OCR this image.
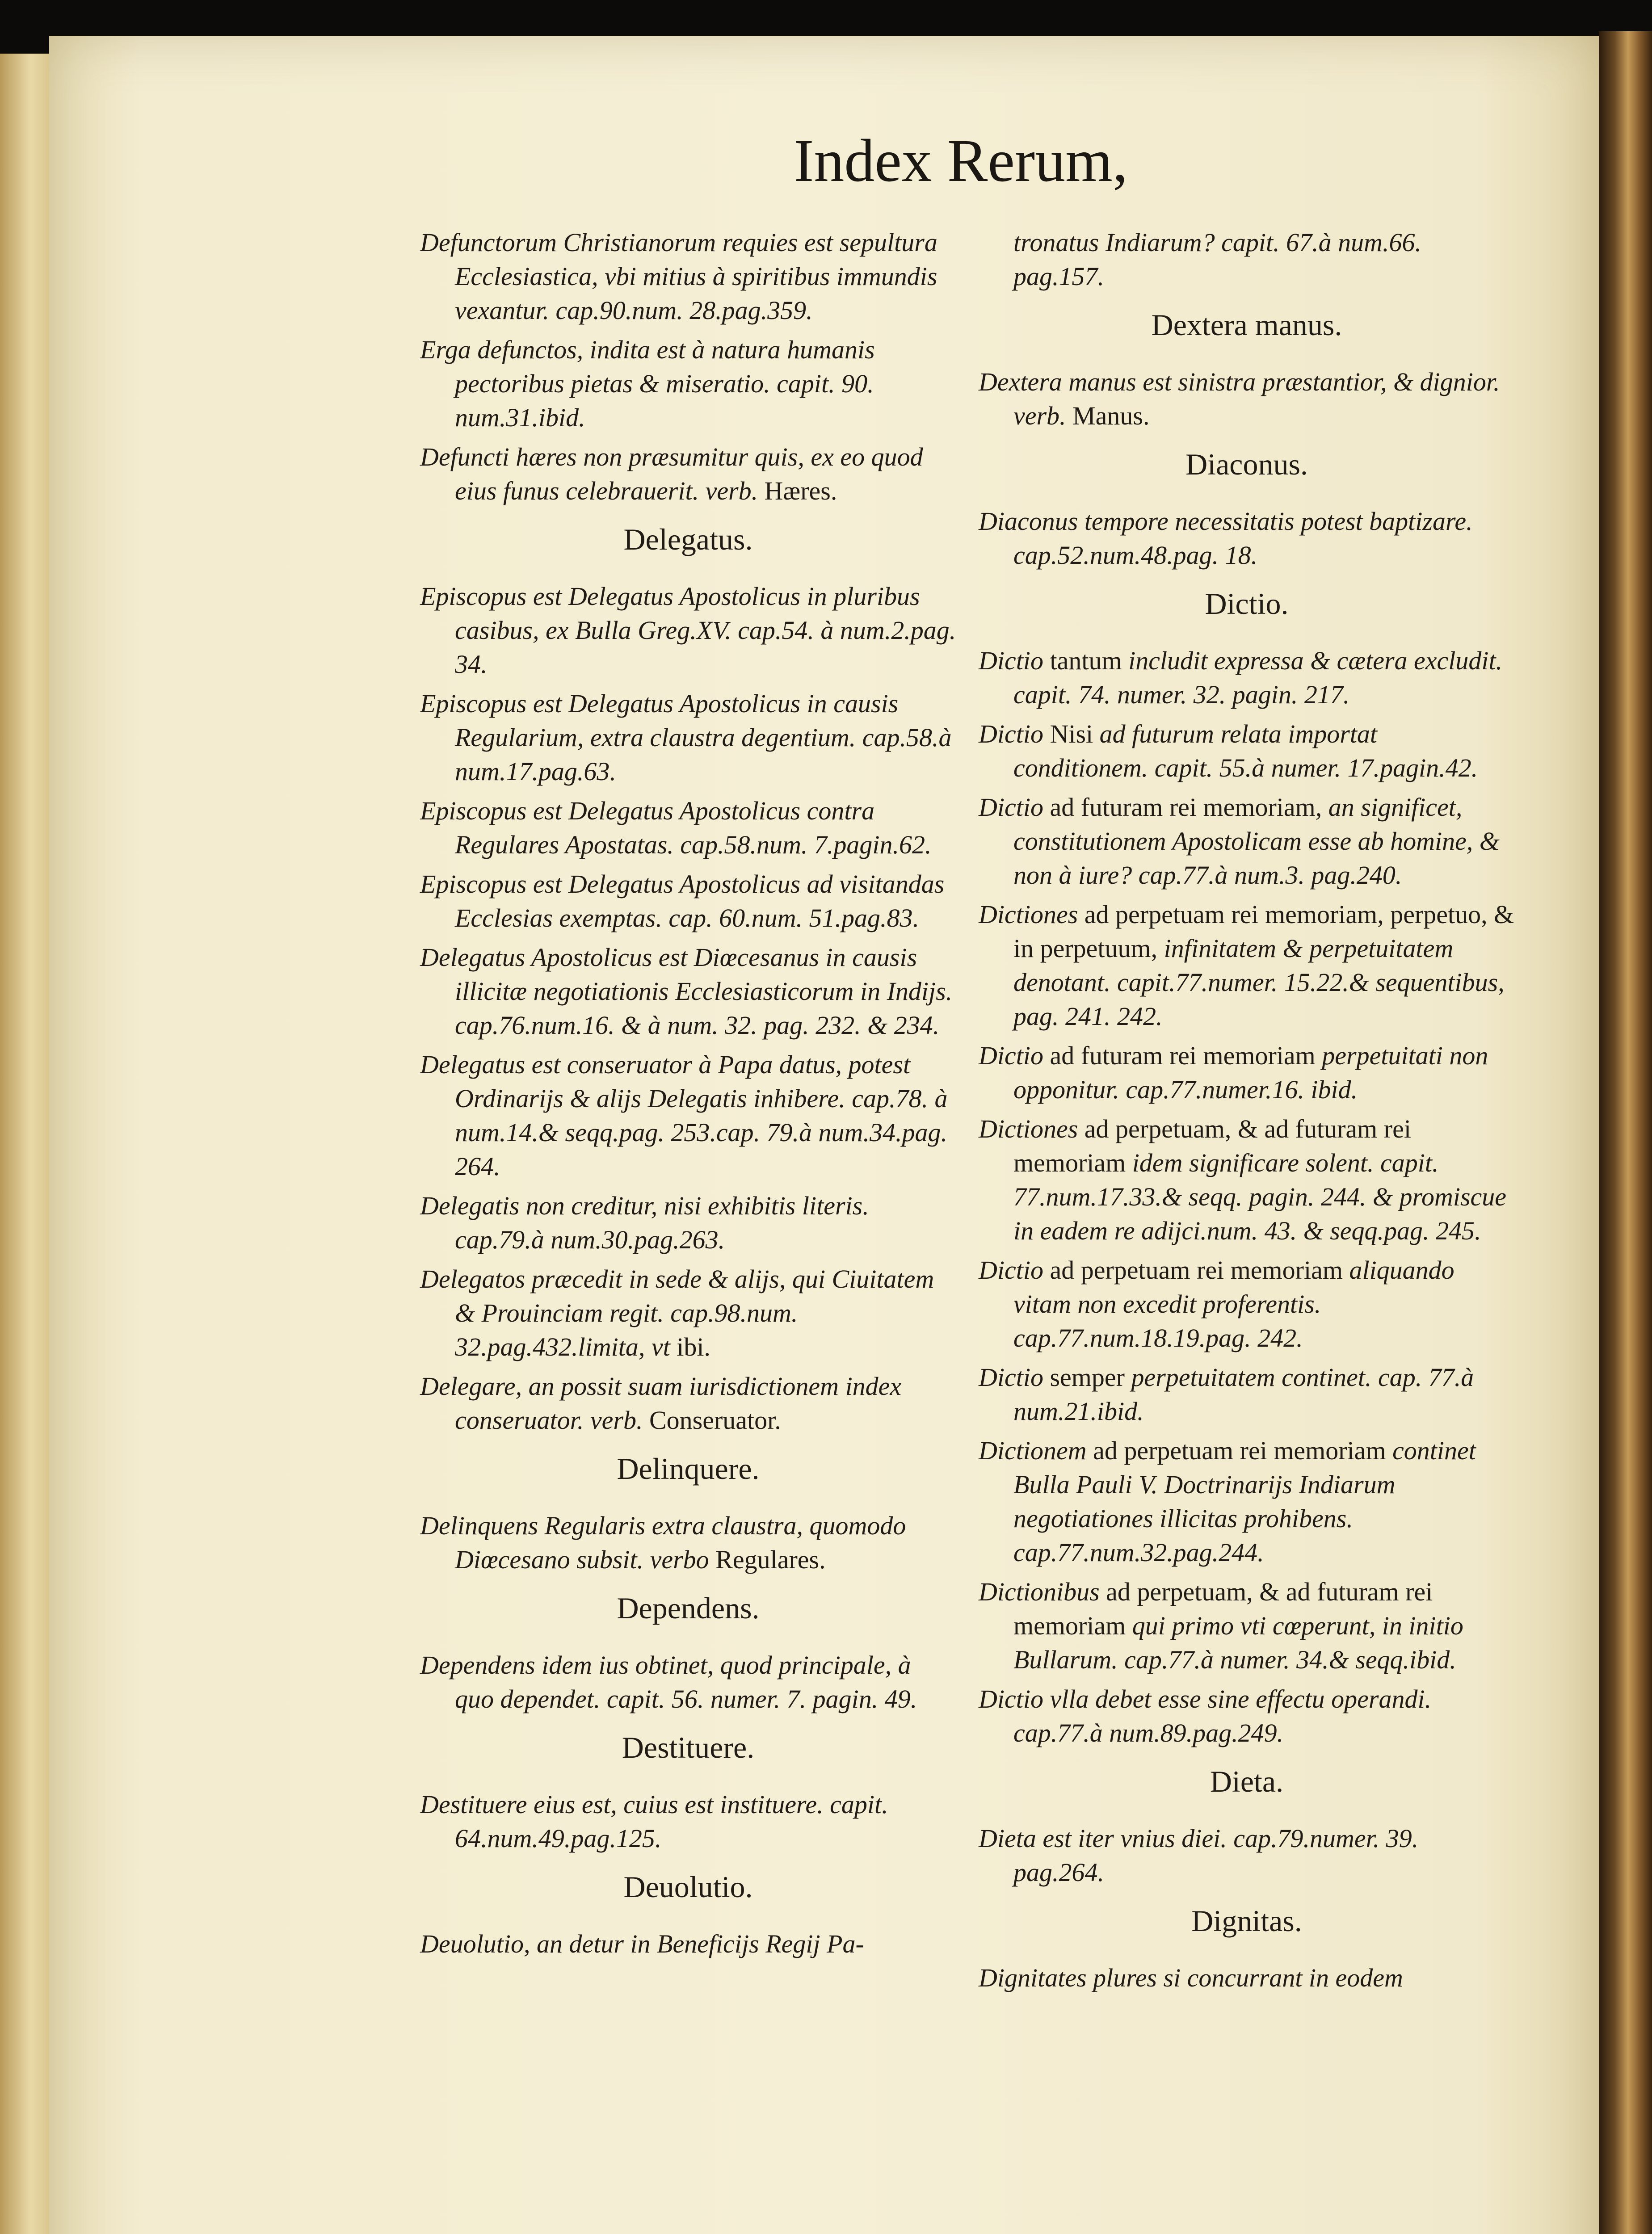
Index Rerum,
Defunctorum Christianorum requies est sepultura Ecclesiastica, vbi mitius à spiritibus immundis vexantur. cap.90.num. 28.pag.359.
Erga defunctos, indita est à natura humanis pectoribus pietas & miseratio. capit. 90. num.31.ibid.
Defuncti hæres non præsumitur quis, ex eo quod eius funus celebrauerit. verb. Hæres.
Delegatus.
Episcopus est Delegatus Apostolicus in pluribus casibus, ex Bulla Greg.XV. cap.54. à num.2.pag. 34.
Episcopus est Delegatus Apostolicus in causis Regularium, extra claustra degentium. cap.58.à num.17.pag.63.
Episcopus est Delegatus Apostolicus contra Regulares Apostatas. cap.58.num. 7.pagin.62.
Episcopus est Delegatus Apostolicus ad visitandas Ecclesias exemptas. cap. 60.num. 51.pag.83.
Delegatus Apostolicus est Diœcesanus in causis illicitæ negotiationis Ecclesiasticorum in Indijs. cap.76.num.16. & à num. 32. pag. 232. & 234.
Delegatus est conseruator à Papa datus, potest Ordinarijs & alijs Delegatis inhibere. cap.78. à num.14.& seqq.pag. 253.cap. 79.à num.34.pag. 264.
Delegatis non creditur, nisi exhibitis literis. cap.79.à num.30.pag.263.
Delegatos præcedit in sede & alijs, qui Ciuitatem & Prouinciam regit. cap.98.num. 32.pag.432.limita, vt ibi.
Delegare, an possit suam iurisdictionem index conseruator. verb. Conseruator.
Delinquere.
Delinquens Regularis extra claustra, quomodo Diœcesano subsit. verbo Regulares.
Dependens.
Dependens idem ius obtinet, quod principale, à quo dependet. capit. 56. numer. 7. pagin. 49.
Destituere.
Destituere eius est, cuius est instituere. capit. 64.num.49.pag.125.
Deuolutio.
Deuolutio, an detur in Beneficijs Regij Pa-
tronatus Indiarum? capit. 67.à num.66. pag.157.
Dextera manus.
Dextera manus est sinistra præstantior, & dignior. verb. Manus.
Diaconus.
Diaconus tempore necessitatis potest baptizare. cap.52.num.48.pag. 18.
Dictio.
Dictio tantum includit expressa & cætera excludit. capit. 74. numer. 32. pagin. 217.
Dictio Nisi ad futurum relata importat conditionem. capit. 55.à numer. 17.pagin.42.
Dictio ad futuram rei memoriam, an significet, constitutionem Apostolicam esse ab homine, & non à iure? cap.77.à num.3. pag.240.
Dictiones ad perpetuam rei memoriam, perpetuo, & in perpetuum, infinitatem & perpetuitatem denotant. capit.77.numer. 15.22.& sequentibus, pag. 241. 242.
Dictio ad futuram rei memoriam perpetuitati non opponitur. cap.77.numer.16. ibid.
Dictiones ad perpetuam, & ad futuram rei memoriam idem significare solent. capit. 77.num.17.33.& seqq. pagin. 244. & promiscue in eadem re adijci.num. 43. & seqq.pag. 245.
Dictio ad perpetuam rei memoriam aliquando vitam non excedit proferentis. cap.77.num.18.19.pag. 242.
Dictio semper perpetuitatem continet. cap. 77.à num.21.ibid.
Dictionem ad perpetuam rei memoriam continet Bulla Pauli V. Doctrinarijs Indiarum negotiationes illicitas prohibens. cap.77.num.32.pag.244.
Dictionibus ad perpetuam, & ad futuram rei memoriam qui primo vti cœperunt, in initio Bullarum. cap.77.à numer. 34.& seqq.ibid.
Dictio vlla debet esse sine effectu operandi. cap.77.à num.89.pag.249.
Dieta.
Dieta est iter vnius diei. cap.79.numer. 39. pag.264.
Dignitas.
Dignitates plures si concurrant in eodem
